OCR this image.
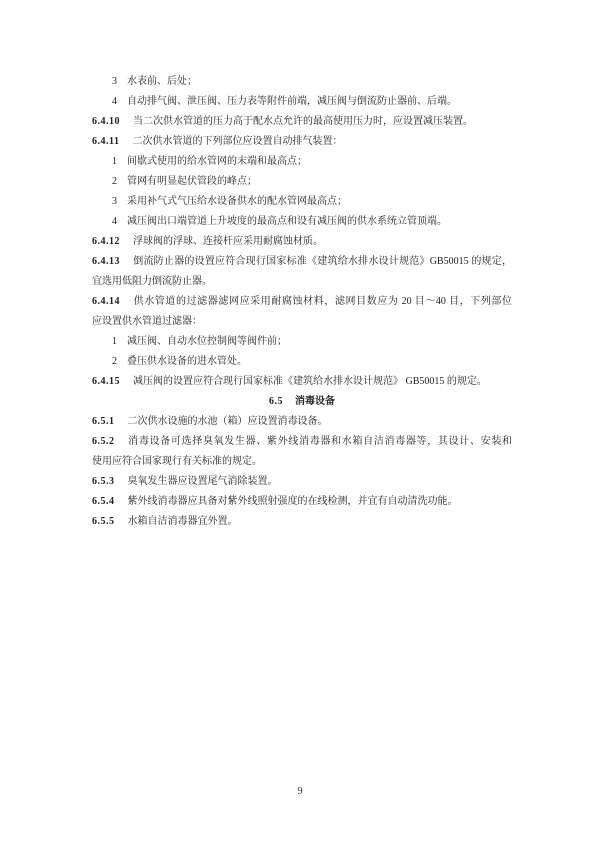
3 水表前、后处；

4 自动排气阀、泄压阀、压力表等附件前端，减压阀与倒流防止器前、后端。

6.4.10 当二次供水管道的压力高于配水点允许的最高使用压力时，应设置减压装置。

6.4.11 二次供水管道的下列部位应设置自动排气装置：

1 间歇式使用的给水管网的末端和最高点；

2 管网有明显起伏管段的峰点；

3 采用补气式气压给水设备供水的配水管网最高点；

4 减压阀出口端管道上升坡度的最高点和设有减压阀的供水系统立管顶端。

6.4.12 浮球阀的浮球、连接杆应采用耐腐蚀材质。

6.4.13 倒流防止器的设置应符合现行国家标准《建筑给水排水设计规范》GB50015 的规定，
宜选用低阻力倒流防止器。

6.4.14 供水管道的过滤器滤网应采用耐腐蚀材料，滤网目数应为 20 目～40 目，下列部位
应设置供水管道过滤器：

1 减压阀、自动水位控制阀等阀件前；

2 叠压供水设备的进水管处。

6.4.15 减压阀的设置应符合现行国家标准《建筑给水排水设计规范》 GB50015 的规定。

6.5 消毒设备

6.5.1 二次供水设施的水池（箱）应设置消毒设备。

6.5.2 消毒设备可选择臭氧发生器、紫外线消毒器和水箱自洁消毒器等，其设计、安装和
使用应符合国家现行有关标准的规定。

6.5.3 臭氧发生器应设置尾气消除装置。

6.5.4 紫外线消毒器应具备对紫外线照射强度的在线检测，并宜有自动清洗功能。

6.5.5 水箱自洁消毒器宜外置。

9
